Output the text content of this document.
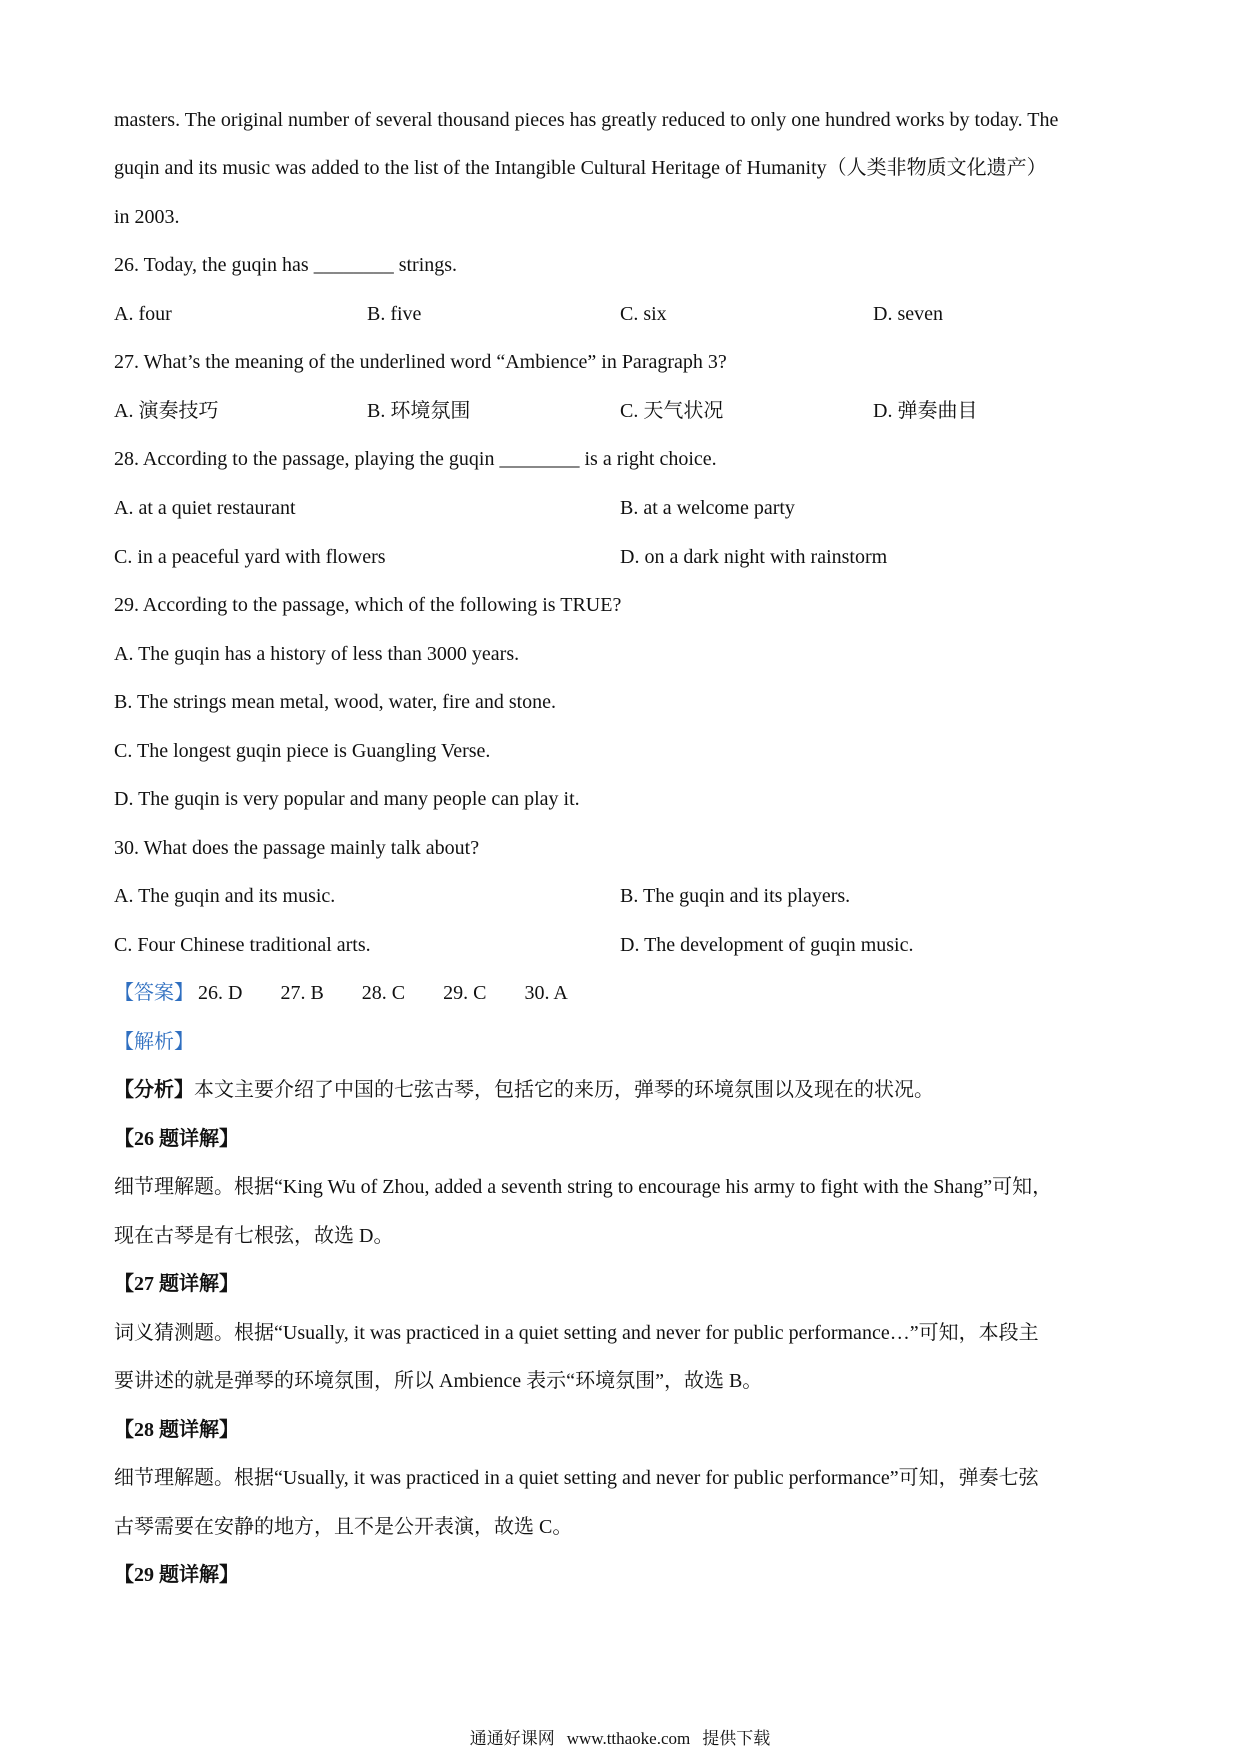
masters. The original number of several thousand pieces has greatly reduced to only one hundred works by today. The
guqin and its music was added to the list of the Intangible Cultural Heritage of Humanity（人类非物质文化遗产）
in 2003.
26. Today, the guqin has ________ strings.
A. four	B. five	C. six	D. seven
27. What’s the meaning of the underlined word “Ambience” in Paragraph 3?
A. 演奏技巧	B. 环境氛围	C. 天气状况	D. 弹奏曲目
28. According to the passage, playing the guqin ________ is a right choice.
A. at a quiet restaurant	B. at a welcome party
C. in a peaceful yard with flowers	D. on a dark night with rainstorm
29. According to the passage, which of the following is TRUE?
A. The guqin has a history of less than 3000 years.
B. The strings mean metal, wood, water, fire and stone.
C. The longest guqin piece is Guangling Verse.
D. The guqin is very popular and many people can play it.
30. What does the passage mainly talk about?
A. The guqin and its music.	B. The guqin and its players.
C. Four Chinese traditional arts.	D. The development of guqin music.
【答案】 26. D 27. B 28. C 29. C 30. A
【解析】
【分析】本文主要介绍了中国的七弦古琴，包括它的来历，弹琴的环境氛围以及现在的状况。
【26 题详解】
细节理解题。根据“King Wu of Zhou, added a seventh string to encourage his army to fight with the Shang”可知，
现在古琴是有七根弦，故选 D。
【27 题详解】
词义猜测题。根据“Usually, it was practiced in a quiet setting and never for public performance…”可知，本段主
要讲述的就是弹琴的环境氛围，所以 Ambience 表示“环境氛围”，故选 B。
【28 题详解】
细节理解题。根据“Usually, it was practiced in a quiet setting and never for public performance”可知，弹奏七弦
古琴需要在安静的地方，且不是公开表演，故选 C。
【29 题详解】
通通好课网 www.tthaoke.com 提供下载
